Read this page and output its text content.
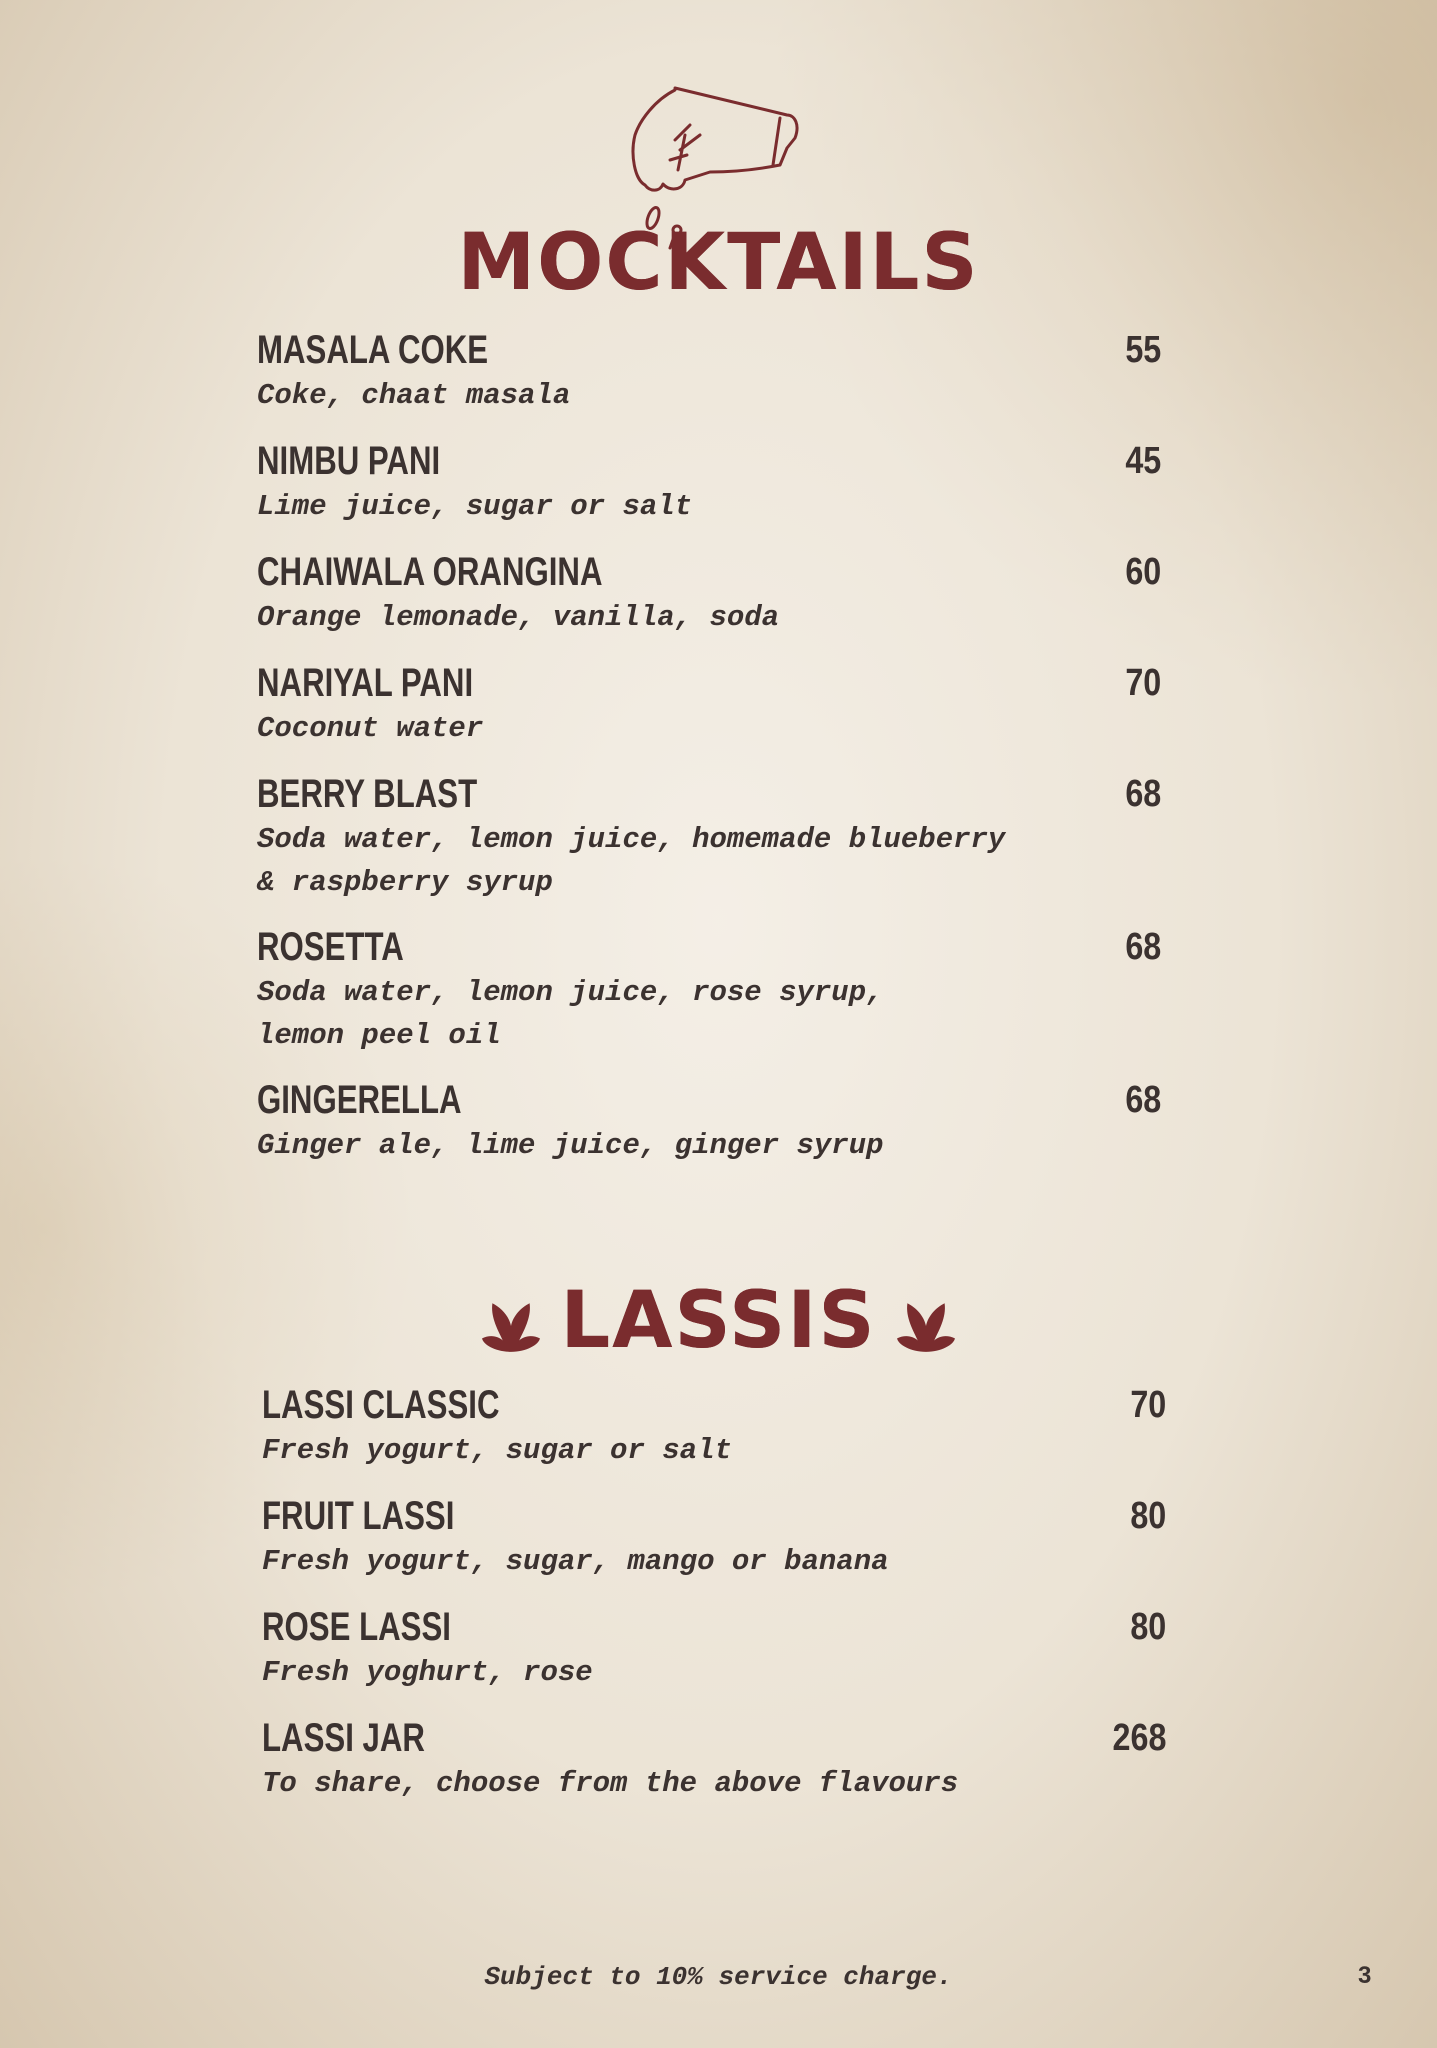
MOCKTAILS
MASALA COKE	55
Coke, chaat masala
NIMBU PANI	45
Lime juice, sugar or salt
CHAIWALA ORANGINA	60
Orange lemonade, vanilla, soda
NARIYAL PANI	70
Coconut water
BERRY BLAST	68
Soda water, lemon juice, homemade blueberry
& raspberry syrup
ROSETTA	68
Soda water, lemon juice, rose syrup,
lemon peel oil
GINGERELLA	68
Ginger ale, lime juice, ginger syrup
LASSIS
LASSI CLASSIC	70
Fresh yogurt, sugar or salt
FRUIT LASSI	80
Fresh yogurt, sugar, mango or banana
ROSE LASSI	80
Fresh yoghurt, rose
LASSI JAR	268
To share, choose from the above flavours
Subject to 10% service charge.	3
